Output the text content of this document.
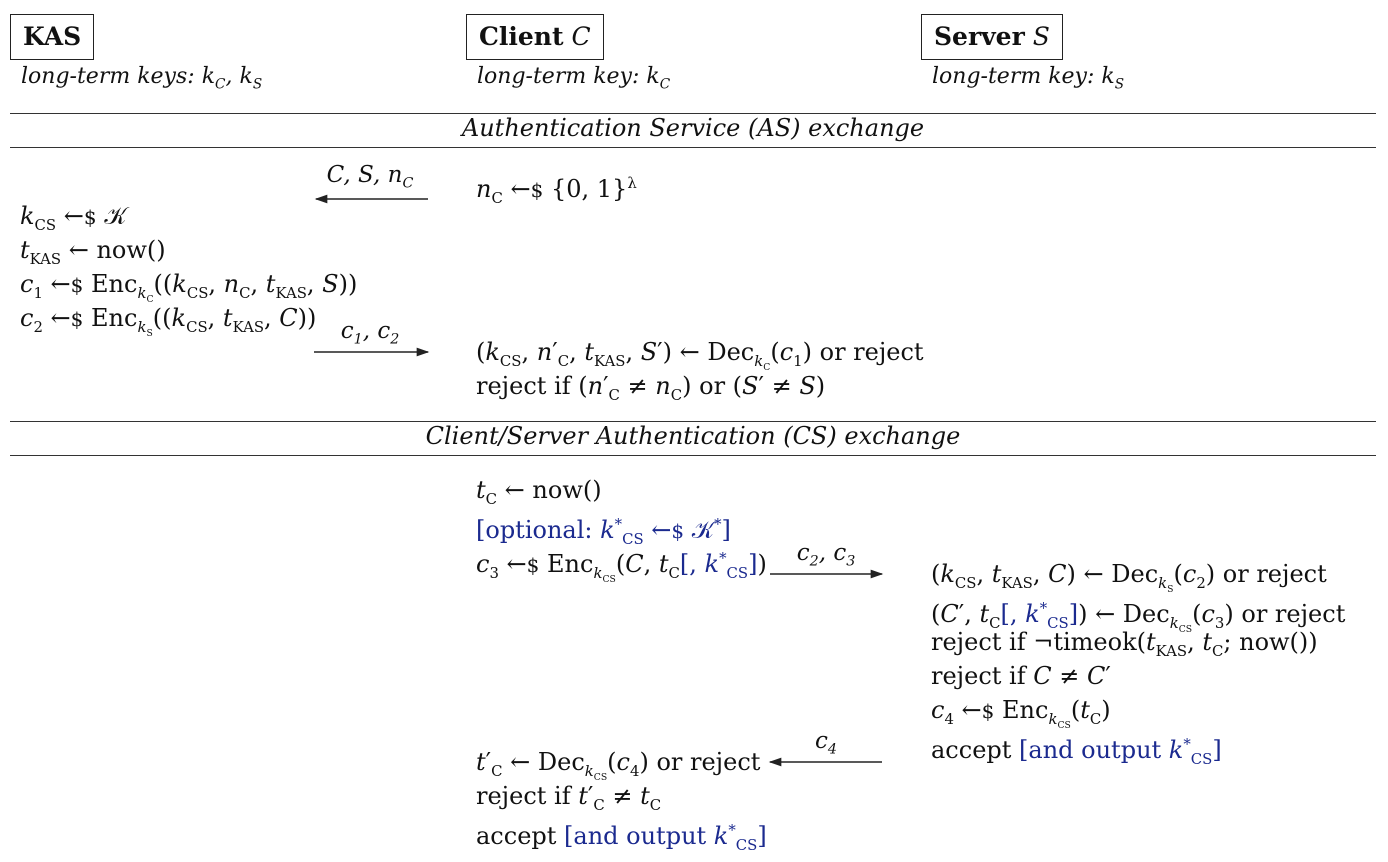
KAS	Client C	Server S
long-term keys: $k_C$, $k_S$	long-term key: $k_C$	long-term key: $k_S$
Authentication Service (AS) exchange
Client/Server Authentication (CS) exchange
C, S, $n_C$
$c_1$, $c_2$
$c_2$, $c_3$
$c_4$
$n_C$ ←$ {0, 1}$^\lambda$
$k_{CS}$ ←$ 𝒦
$t_{KAS}$ ← now()
$c_1$ ←$ $Enc_{k_C}((k_{CS}$, $n_C$, $t_{KAS}$, S))
$c_2$ ←$ $Enc_{k_S}((k_{CS}$, $t_{KAS}$, C))
($k_{CS}$, $n'_C$, $t_{KAS}$, S′) ← $Dec_{k_C}(c_1)$ or reject
reject if $(n'_C \ne n_C)$ or (S′ ≠ S)
$t_C$ ← now()
[optional: $k^*_{CS}$ ←$ 𝒦*]
$c_3$ ←$ Enc$_{k_{CS}}$(C, $t_C$[, $k^*_{CS}$])	($k_{CS}$, $t_{KAS}$, C) ← $Dec_{k_S}(c_2)$ or reject
(C′, $t_C$[, $k^*_{CS}$]) ← $Dec_{k_{CS}}(c_3)$ or reject
reject if $\neg timeok(t_{KAS}$, $t_C$; now())
reject if C ≠ C′
$c_4$ ←$ $Enc_{k_{CS}}(t_C)$
accept [and output $k^*_{CS}$]
$t'_C$ ← $Dec_{k_{CS}}(c_4)$ or reject
reject if $t'_C \ne t_C$
accept [and output $k^*_{CS}$]
